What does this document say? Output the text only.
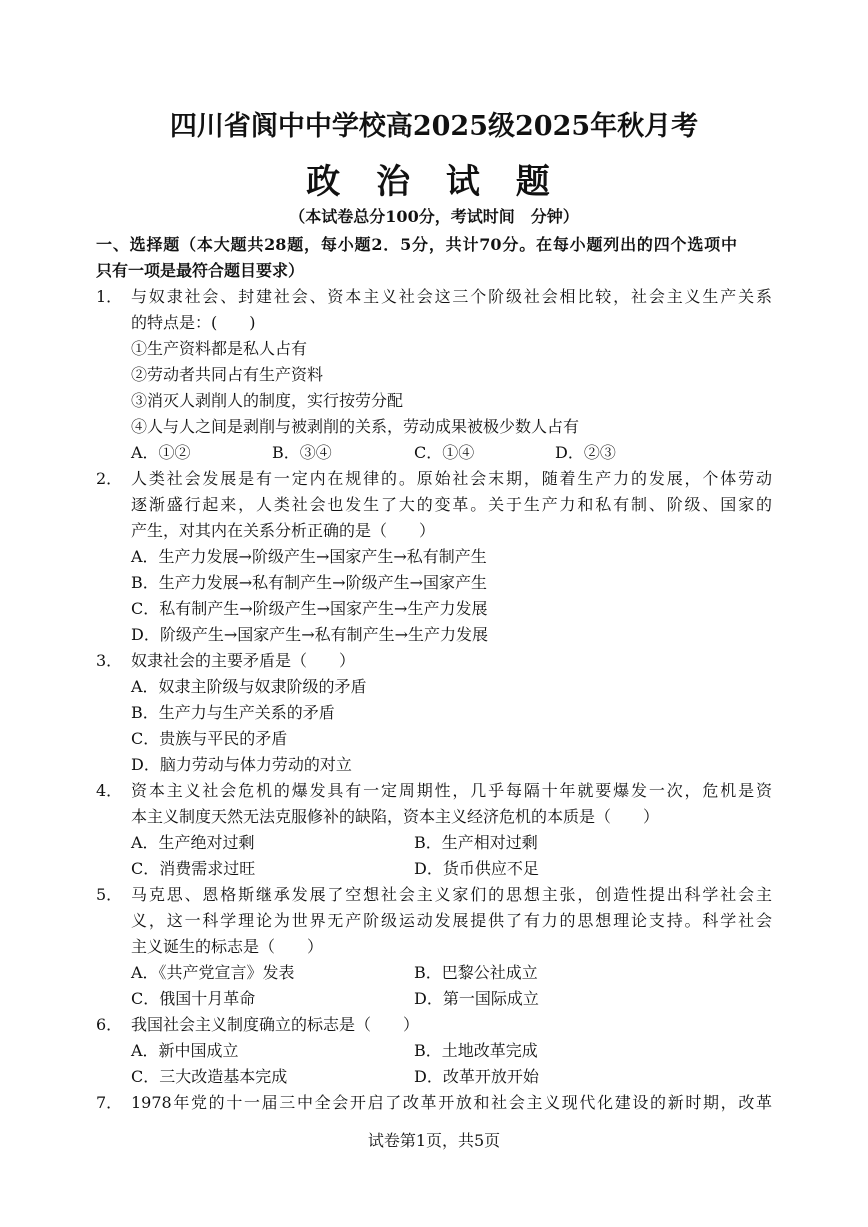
四川省阆中中学校高2025级2025年秋月考
政 治 试 题
（本试卷总分100分，考试时间　分钟）
一、选择题（本大题共28题，每小题2．5分，共计70分。在每小题列出的四个选项中
只有一项是最符合题目要求）
1． 与奴隶社会、封建社会、资本主义社会这三个阶级社会相比较，社会主义生产关系
的特点是：(　　)
①生产资料都是私人占有
②劳动者共同占有生产资料
③消灭人剥削人的制度，实行按劳分配
④人与人之间是剥削与被剥削的关系，劳动成果被极少数人占有
A．①②	B．③④	C．①④	D．②③
2． 人类社会发展是有一定内在规律的。原始社会末期，随着生产力的发展，个体劳动
逐渐盛行起来，人类社会也发生了大的变革。关于生产力和私有制、阶级、国家的
产生，对其内在关系分析正确的是（　　）
A．生产力发展→阶级产生→国家产生→私有制产生
B．生产力发展→私有制产生→阶级产生→国家产生
C．私有制产生→阶级产生→国家产生→生产力发展
D．阶级产生→国家产生→私有制产生→生产力发展
3． 奴隶社会的主要矛盾是（　　）
A．奴隶主阶级与奴隶阶级的矛盾
B．生产力与生产关系的矛盾
C．贵族与平民的矛盾
D．脑力劳动与体力劳动的对立
4． 资本主义社会危机的爆发具有一定周期性，几乎每隔十年就要爆发一次，危机是资
本主义制度天然无法克服修补的缺陷，资本主义经济危机的本质是（　　）
A．生产绝对过剩	B．生产相对过剩
C．消费需求过旺	D．货币供应不足
5． 马克思、恩格斯继承发展了空想社会主义家们的思想主张，创造性提出科学社会主
义，这一科学理论为世界无产阶级运动发展提供了有力的思想理论支持。科学社会
主义诞生的标志是（　　）
A．《共产党宣言》发表	B．巴黎公社成立
C．俄国十月革命	D．第一国际成立
6． 我国社会主义制度确立的标志是（　　）
A．新中国成立	B．土地改革完成
C．三大改造基本完成	D．改革开放开始
7． 1978年党的十一届三中全会开启了改革开放和社会主义现代化建设的新时期，改革
试卷第1页，共5页
